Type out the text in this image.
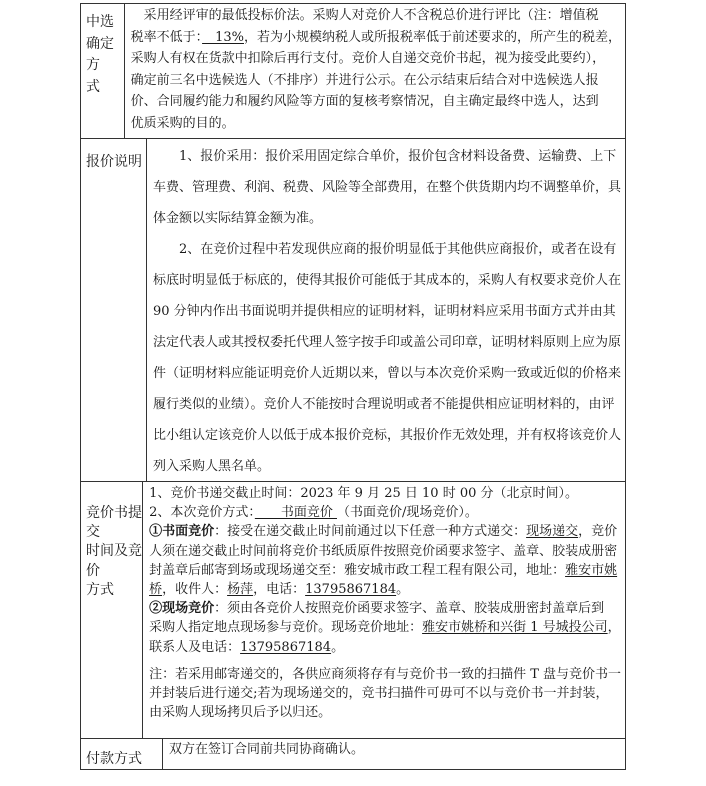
中选确定方
式
　采用经评审的最低投标价法。采购人对竞价人不含税总价进行评比（注：增值税
税率不低于：　13%，若为小规模纳税人或所报税率低于前述要求的，所产生的税差，
采购人有权在货款中扣除后再行支付。竞价人自递交竞价书起，视为接受此要约），
确定前三名中选候选人（不排序）并进行公示。在公示结束后结合对中选候选人报
价、合同履约能力和履约风险等方面的复核考察情况，自主确定最终中选人，达到
优质采购的目的。
报价说明 　　1、报价采用：报价采用固定综合单价，报价包含材料设备费、运输费、上下
车费、管理费、利润、税费、风险等全部费用，在整个供货期内均不调整单价，具
体金额以实际结算金额为准。
　　2、在竞价过程中若发现供应商的报价明显低于其他供应商报价，或者在设有
标底时明显低于标底的，使得其报价可能低于其成本的，采购人有权要求竞价人在
90 分钟内作出书面说明并提供相应的证明材料，证明材料应采用书面方式并由其
法定代表人或其授权委托代理人签字按手印或盖公司印章，证明材料原则上应为原
件（证明材料应能证明竞价人近期以来，曾以与本次竞价采购一致或近似的价格来
履行类似的业绩）。竞价人不能按时合理说明或者不能提供相应证明材料的，由评
比小组认定该竞价人以低于成本报价竞标，其报价作无效处理，并有权将该竞价人
列入采购人黑名单。
竞价书提交
时间及竞价
方式
1、竞价书递交截止时间：2023 年 9 月 25 日 10 时 00 分（北京时间）。
2、本次竞价方式：　　书面竞价 （书面竞价/现场竞价）。
①书面竞价：接受在递交截止时间前通过以下任意一种方式递交：现场递交，竞价
人须在递交截止时间前将竞价书纸质原件按照竞价函要求签字、盖章、胶装成册密
封盖章后邮寄到场或现场递交至：雅安城市政工程工程有限公司，地址：雅安市姚
桥，收件人：杨萍，电话：13795867184。
②现场竞价：须由各竞价人按照竞价函要求签字、盖章、胶装成册密封盖章后到
采购人指定地点现场参与竞价。现场竞价地址：雅安市姚桥和兴街 1 号城投公司，
联系人及电话：13795867184。
注：若采用邮寄递交的，各供应商须将存有与竞价书一致的扫描件 T 盘与竞价书一
并封装后进行递交;若为现场递交的，竞书扫描件可毋可不以与竞价书一并封装，
由采购人现场拷贝后予以归还。
付款方式
双方在签订合同前共同协商确认。
